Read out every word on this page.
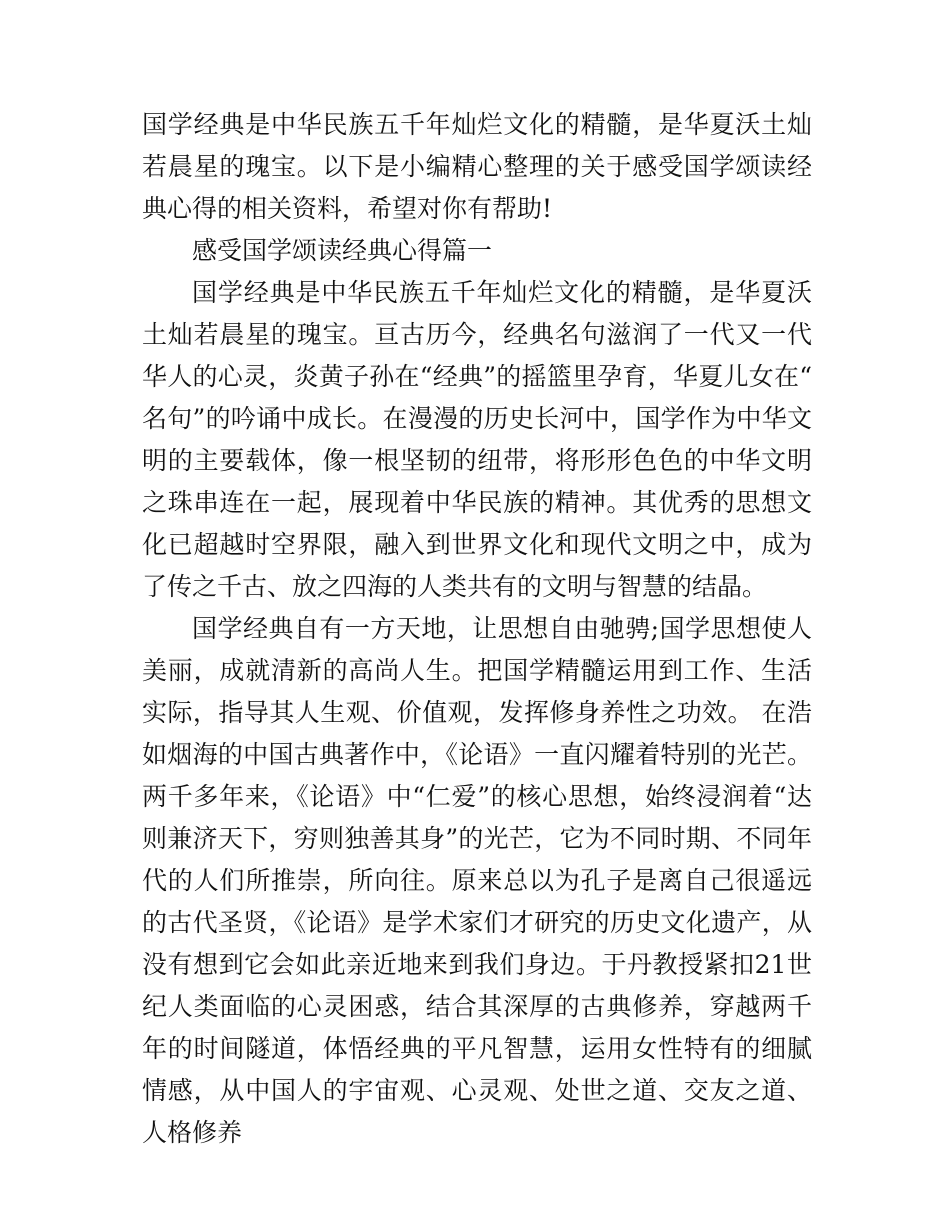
国学经典是中华民族五千年灿烂文化的精髓，是华夏沃土灿若晨星的瑰宝。以下是小编精心整理的关于感受国学颂读经典心得的相关资料，希望对你有帮助!

感受国学颂读经典心得篇一

国学经典是中华民族五千年灿烂文化的精髓，是华夏沃土灿若晨星的瑰宝。亘古历今，经典名句滋润了一代又一代华人的心灵，炎黄子孙在“经典”的摇篮里孕育，华夏儿女在“名句”的吟诵中成长。在漫漫的历史长河中，国学作为中华文明的主要载体，像一根坚韧的纽带，将形形色色的中华文明之珠串连在一起，展现着中华民族的精神。其优秀的思想文化已超越时空界限，融入到世界文化和现代文明之中，成为了传之千古、放之四海的人类共有的文明与智慧的结晶。

国学经典自有一方天地，让思想自由驰骋;国学思想使人美丽，成就清新的高尚人生。把国学精髓运用到工作、生活实际，指导其人生观、价值观，发挥修身养性之功效。 在浩如烟海的中国古典著作中，《论语》一直闪耀着特别的光芒。两千多年来，《论语》中“仁爱”的核心思想，始终浸润着“达则兼济天下，穷则独善其身”的光芒，它为不同时期、不同年代的人们所推崇，所向往。原来总以为孔子是离自己很遥远的古代圣贤，《论语》是学术家们才研究的历史文化遗产，从没有想到它会如此亲近地来到我们身边。于丹教授紧扣21世纪人类面临的心灵困惑，结合其深厚的古典修养，穿越两千年的时间隧道，体悟经典的平凡智慧，运用女性特有的细腻情感，从中国人的宇宙观、心灵观、处世之道、交友之道、人格修养
